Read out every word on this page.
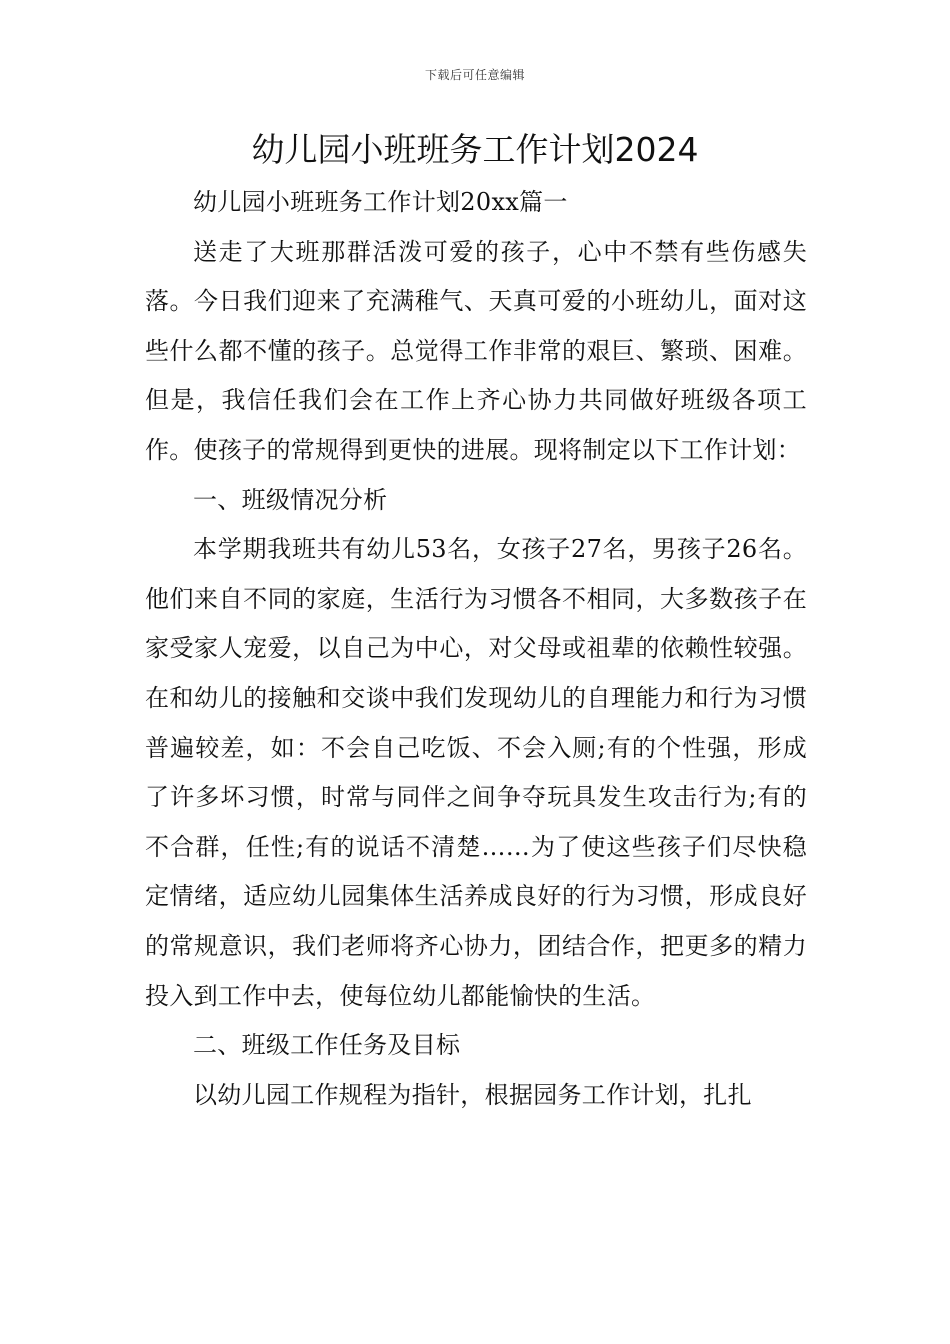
下载后可任意编辑
幼儿园小班班务工作计划2024

幼儿园小班班务工作计划20xx篇一

送走了大班那群活泼可爱的孩子，心中不禁有些伤感失落。今日我们迎来了充满稚气、天真可爱的小班幼儿，面对这些什么都不懂的孩子。总觉得工作非常的艰巨、繁琐、困难。但是，我信任我们会在工作上齐心协力共同做好班级各项工作。使孩子的常规得到更快的进展。现将制定以下工作计划：

一、班级情况分析

本学期我班共有幼儿53名，女孩子27名，男孩子26名。他们来自不同的家庭，生活行为习惯各不相同，大多数孩子在家受家人宠爱，以自己为中心，对父母或祖辈的依赖性较强。在和幼儿的接触和交谈中我们发现幼儿的自理能力和行为习惯普遍较差，如：不会自己吃饭、不会入厕;有的个性强，形成了许多坏习惯，时常与同伴之间争夺玩具发生攻击行为;有的不合群，任性;有的说话不清楚……为了使这些孩子们尽快稳定情绪，适应幼儿园集体生活养成良好的行为习惯，形成良好的常规意识，我们老师将齐心协力，团结合作，把更多的精力投入到工作中去，使每位幼儿都能愉快的生活。

二、班级工作任务及目标

以幼儿园工作规程为指针，根据园务工作计划，扎扎
